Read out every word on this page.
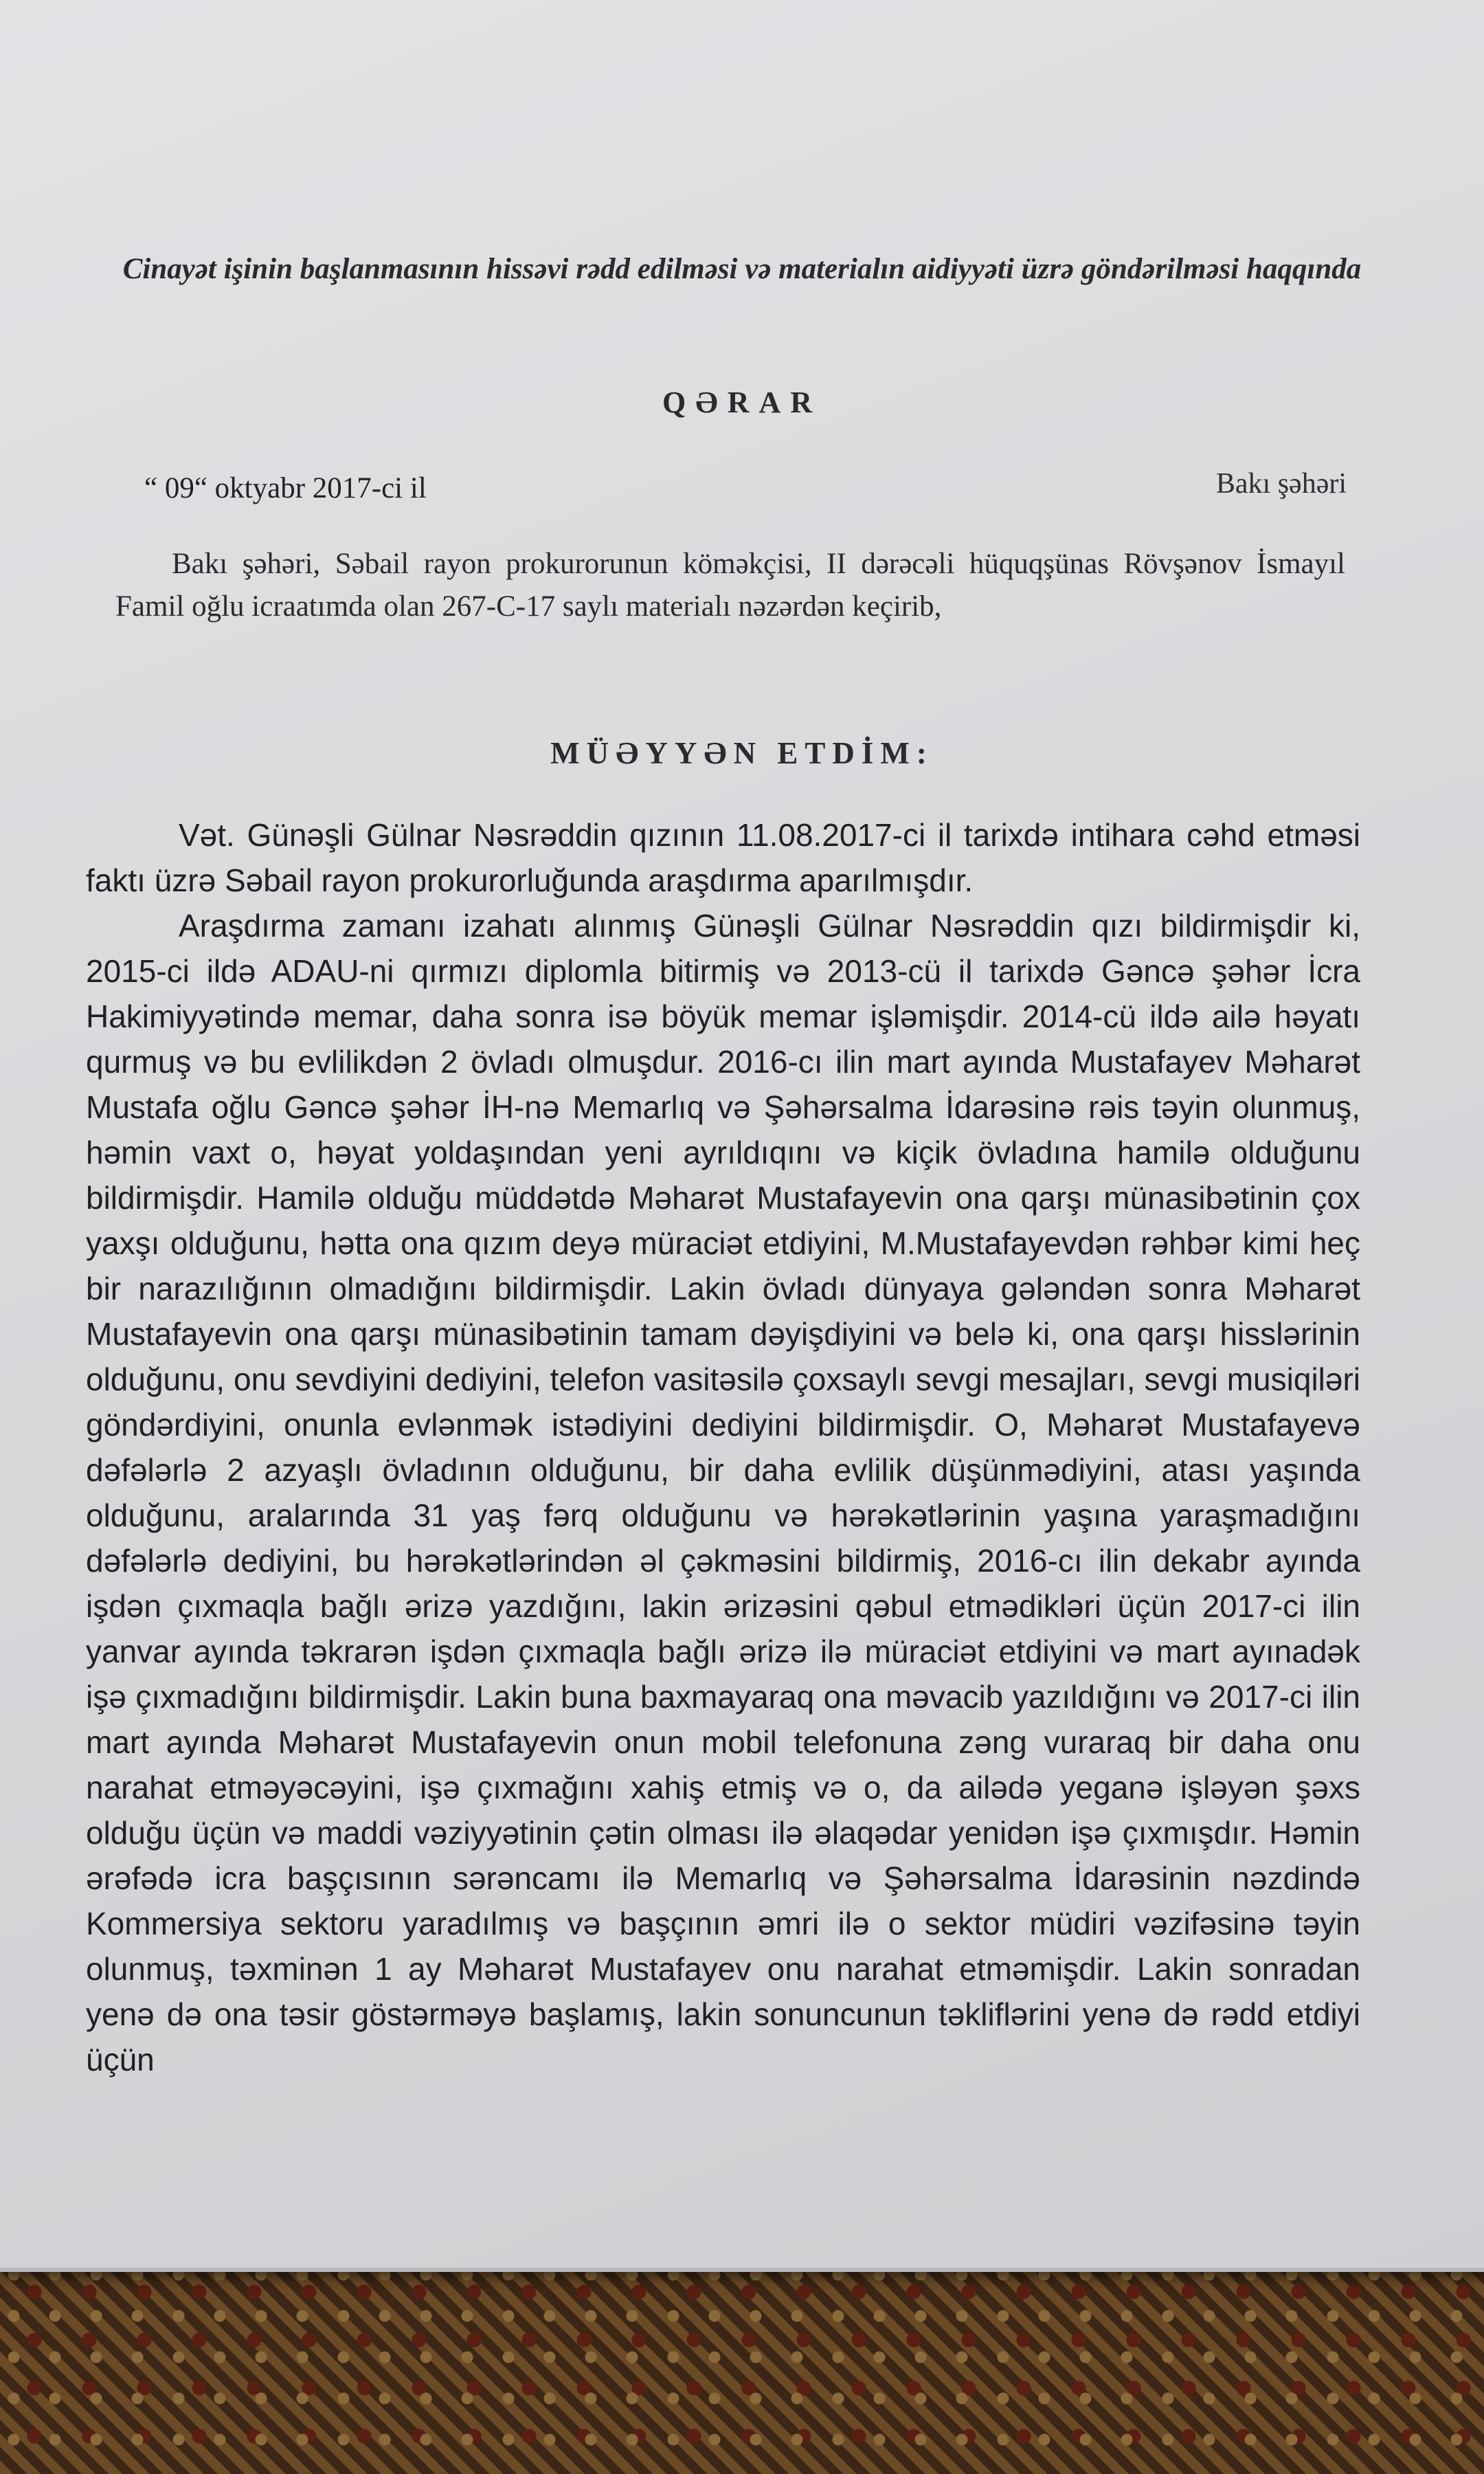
Cinayət işinin başlanmasının hissəvi rədd edilməsi və materialın aidiyyəti üzrə göndərilməsi haqqında
QƏRAR
“ 09“ oktyabr 2017-ci il	Bakı şəhəri
Bakı şəhəri, Səbail rayon prokurorunun köməkçisi, II dərəcəli hüquqşünas Rövşənov İsmayıl Famil oğlu icraatımda olan 267-C-17 saylı materialı nəzərdən keçirib,
MÜƏYYƏN ETDİM:

Vət. Günəşli Gülnar Nəsrəddin qızının 11.08.2017-ci il tarixdə intihara cəhd etməsi faktı üzrə Səbail rayon prokurorluğunda araşdırma aparılmışdır.

Araşdırma zamanı izahatı alınmış Günəşli Gülnar Nəsrəddin qızı bildirmişdir ki, 2015-ci ildə ADAU-ni qırmızı diplomla bitirmiş və 2013-cü il tarixdə Gəncə şəhər İcra Hakimiyyətində memar, daha sonra isə böyük memar işləmişdir. 2014-cü ildə ailə həyatı qurmuş və bu evlilikdən 2 övladı olmuşdur. 2016-cı ilin mart ayında Mustafayev Məharət Mustafa oğlu Gəncə şəhər İH-nə Memarlıq və Şəhərsalma İdarəsinə rəis təyin olunmuş, həmin vaxt o, həyat yoldaşından yeni ayrıldıqını və kiçik övladına hamilə olduğunu bildirmişdir. Hamilə olduğu müddətdə Məharət Mustafayevin ona qarşı münasibətinin çox yaxşı olduğunu, hətta ona qızım deyə müraciət etdiyini, M.Mustafayevdən rəhbər kimi heç bir narazılığının olmadığını bildirmişdir. Lakin övladı dünyaya gələndən sonra Məharət Mustafayevin ona qarşı münasibətinin tamam dəyişdiyini və belə ki, ona qarşı hisslərinin olduğunu, onu sevdiyini dediyini, telefon vasitəsilə çoxsaylı sevgi mesajları, sevgi musiqiləri göndərdiyini, onunla evlənmək istədiyini dediyini bildirmişdir. O, Məharət Mustafayevə dəfələrlə 2 azyaşlı övladının olduğunu, bir daha evlilik düşünmədiyini, atası yaşında olduğunu, aralarında 31 yaş fərq olduğunu və hərəkətlərinin yaşına yaraşmadığını dəfələrlə dediyini, bu hərəkətlərindən əl çəkməsini bildirmiş, 2016-cı ilin dekabr ayında işdən çıxmaqla bağlı ərizə yazdığını, lakin ərizəsini qəbul etmədikləri üçün 2017-ci ilin yanvar ayında təkrarən işdən çıxmaqla bağlı ərizə ilə müraciət etdiyini və mart ayınadək işə çıxmadığını bildirmişdir. Lakin buna baxmayaraq ona məvacib yazıldığını və 2017-ci ilin mart ayında Məharət Mustafayevin onun mobil telefonuna zəng vuraraq bir daha onu narahat etməyəcəyini, işə çıxmağını xahiş etmiş və o, da ailədə yeganə işləyən şəxs olduğu üçün və maddi vəziyyətinin çətin olması ilə əlaqədar yenidən işə çıxmışdır. Həmin ərəfədə icra başçısının sərəncamı ilə Memarlıq və Şəhərsalma İdarəsinin nəzdində Kommersiya sektoru yaradılmış və başçının əmri ilə o sektor müdiri vəzifəsinə təyin olunmuş, təxminən 1 ay Məharət Mustafayev onu narahat etməmişdir. Lakin sonradan yenə də ona təsir göstərməyə başlamış, lakin sonuncunun təkliflərini yenə də rədd etdiyi üçün
